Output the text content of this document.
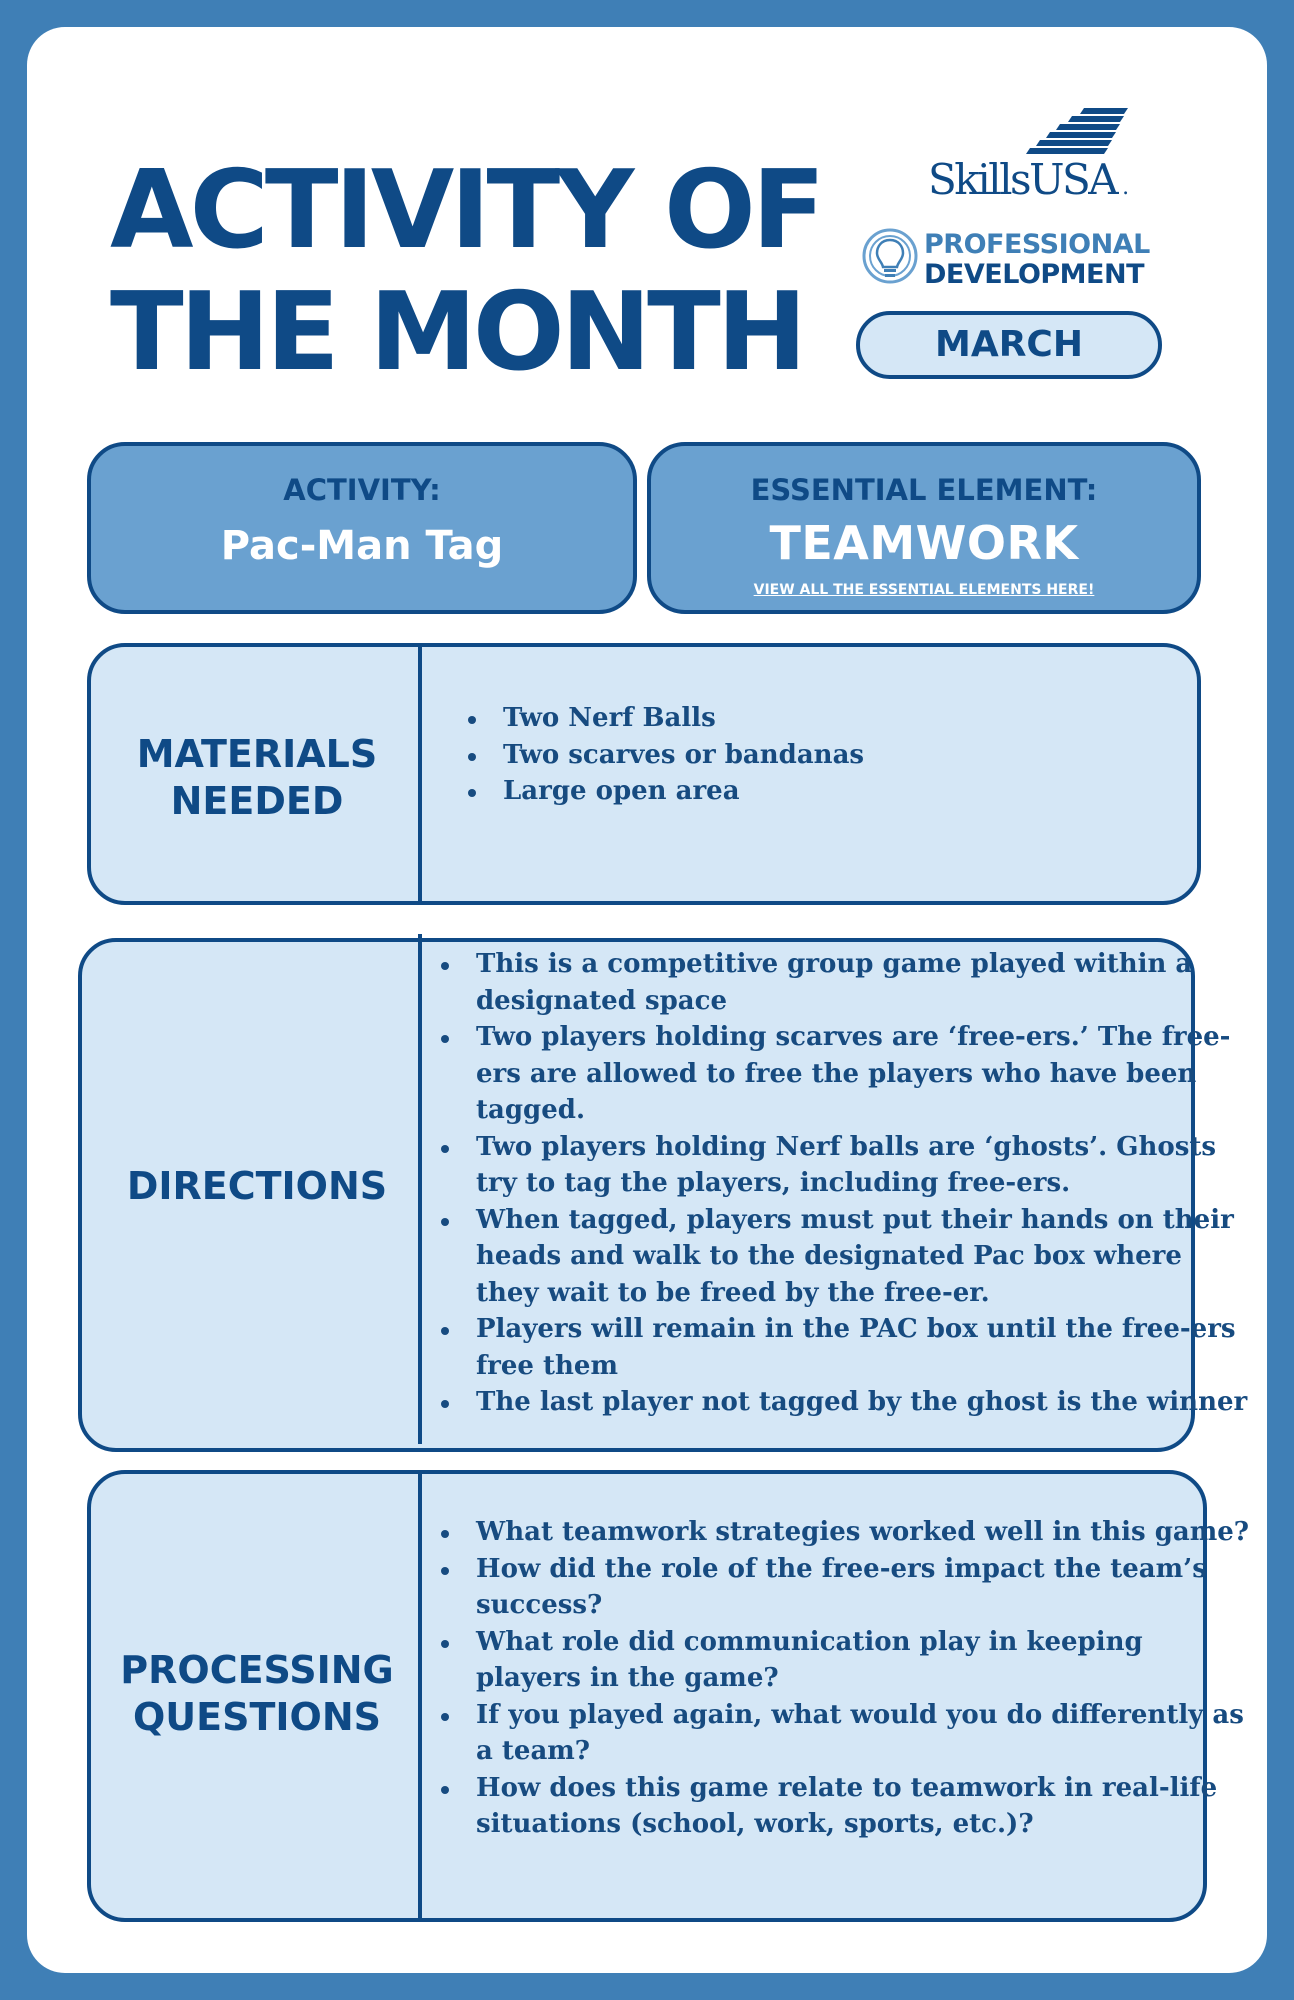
ACTIVITY OF
THE MONTH
SkillsUSA .
PROFESSIONAL
DEVELOPMENT
MARCH
ACTIVITY:
Pac-Man Tag
ESSENTIAL ELEMENT:
TEAMWORK
VIEW ALL THE ESSENTIAL ELEMENTS HERE!
MATERIALS
NEEDED
Two Nerf Balls
Two scarves or bandanas
Large open area
DIRECTIONS
This is a competitive group game played within a
designated space
Two players holding scarves are ‘free-ers.’ The free-
ers are allowed to free the players who have been
tagged.
Two players holding Nerf balls are ‘ghosts’. Ghosts
try to tag the players, including free-ers.
When tagged, players must put their hands on their
heads and walk to the designated Pac box where
they wait to be freed by the free-er.
Players will remain in the PAC box until the free-ers
free them
The last player not tagged by the ghost is the winner
PROCESSING
QUESTIONS
What teamwork strategies worked well in this game?
How did the role of the free-ers impact the team’s
success?
What role did communication play in keeping
players in the game?
If you played again, what would you do differently as
a team?
How does this game relate to teamwork in real-life
situations (school, work, sports, etc.)?
